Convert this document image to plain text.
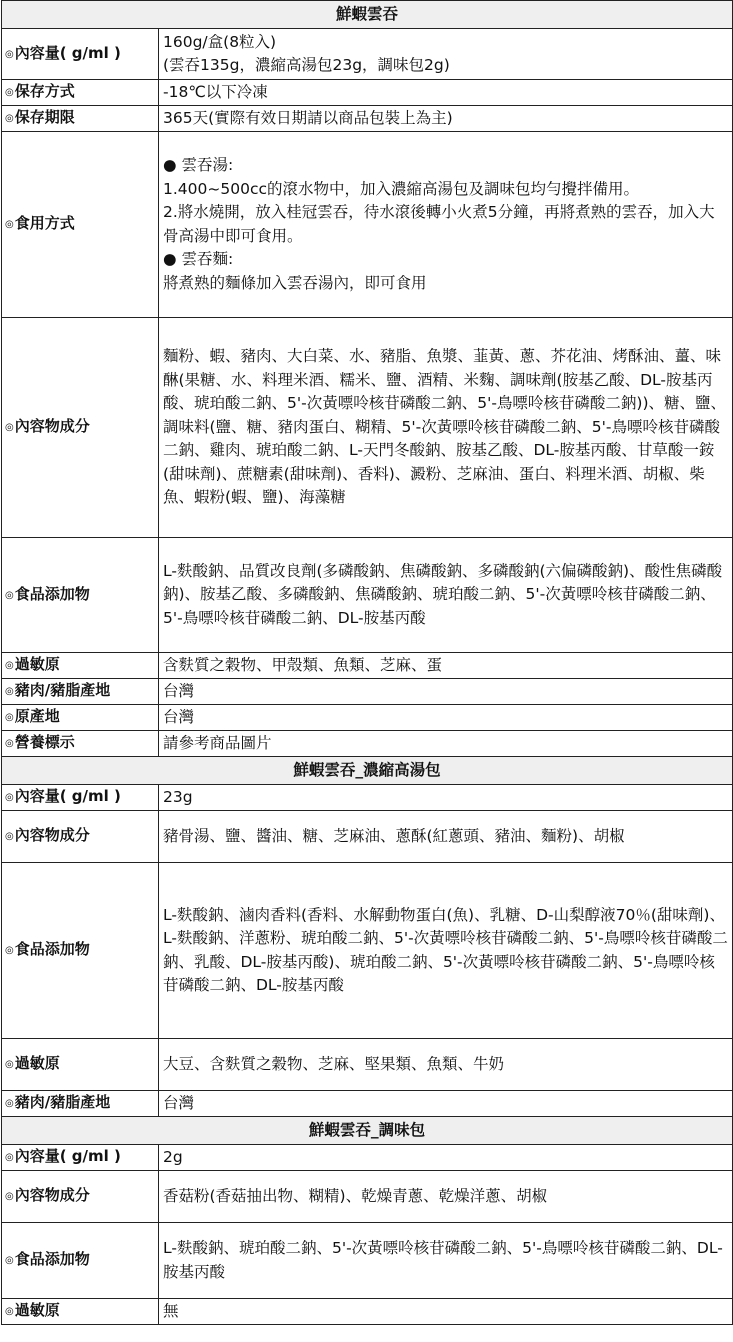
鮮蝦雲吞	
◎內容量( g/ml )	160g/盒(8粒入)
(雲吞135g，濃縮高湯包23g，調味包2g)
◎保存方式	-18℃以下冷凍
◎保存期限	365天(實際有效日期請以商品包裝上為主)
◎食用方式	● 雲吞湯:
1.400~500cc的滾水物中，加入濃縮高湯包及調味包均勻攪拌備用。
2.將水燒開，放入桂冠雲吞，待水滾後轉小火煮5分鐘，再將煮熟的雲吞，加入大骨高湯中即可食用。
● 雲吞麵:
將煮熟的麵條加入雲吞湯內，即可食用
◎內容物成分	麵粉、蝦、豬肉、大白菜、水、豬脂、魚漿、韮黃、蔥、芥花油、烤酥油、薑、味醂(果糖、水、料理米酒、糯米、鹽、酒精、米麴、調味劑(胺基乙酸、DL-胺基丙酸、琥珀酸二鈉、5'-次黃嘌呤核苷磷酸二鈉、5'-鳥嘌呤核苷磷酸二鈉))、糖、鹽、調味料(鹽、糖、豬肉蛋白、糊精、5'-次黃嘌呤核苷磷酸二鈉、5'-鳥嘌呤核苷磷酸二鈉、雞肉、琥珀酸二鈉、L-天門冬酸鈉、胺基乙酸、DL-胺基丙酸、甘草酸一銨(甜味劑)、蔗糖素(甜味劑)、香料)、澱粉、芝麻油、蛋白、料理米酒、胡椒、柴魚、蝦粉(蝦、鹽)、海藻糖
◎食品添加物	L-麩酸鈉、品質改良劑(多磷酸鈉、焦磷酸鈉、多磷酸鈉(六偏磷酸鈉)、酸性焦磷酸鈉)、胺基乙酸、多磷酸鈉、焦磷酸鈉、琥珀酸二鈉、5'-次黃嘌呤核苷磷酸二鈉、5'-鳥嘌呤核苷磷酸二鈉、DL-胺基丙酸
◎過敏原	含麩質之穀物、甲殼類、魚類、芝麻、蛋
◎豬肉/豬脂產地	台灣
◎原產地	台灣
◎營養標示	請參考商品圖片
鮮蝦雲吞_濃縮高湯包	
◎內容量( g/ml )	23g
◎內容物成分	豬骨湯、鹽、醬油、糖、芝麻油、蔥酥(紅蔥頭、豬油、麵粉)、胡椒
◎食品添加物	L-麩酸鈉、滷肉香料(香料、水解動物蛋白(魚)、乳糖、D-山梨醇液70％(甜味劑)、L-麩酸鈉、洋蔥粉、琥珀酸二鈉、5'-次黃嘌呤核苷磷酸二鈉、5'-鳥嘌呤核苷磷酸二鈉、乳酸、DL-胺基丙酸)、琥珀酸二鈉、5'-次黃嘌呤核苷磷酸二鈉、5'-鳥嘌呤核苷磷酸二鈉、DL-胺基丙酸
◎過敏原	大豆、含麩質之穀物、芝麻、堅果類、魚類、牛奶
◎豬肉/豬脂產地	台灣
鮮蝦雲吞_調味包	
◎內容量( g/ml )	2g
◎內容物成分	香菇粉(香菇抽出物、糊精)、乾燥青蔥、乾燥洋蔥、胡椒
◎食品添加物	L-麩酸鈉、琥珀酸二鈉、5'-次黃嘌呤核苷磷酸二鈉、5'-鳥嘌呤核苷磷酸二鈉、DL-胺基丙酸
◎過敏原	無
